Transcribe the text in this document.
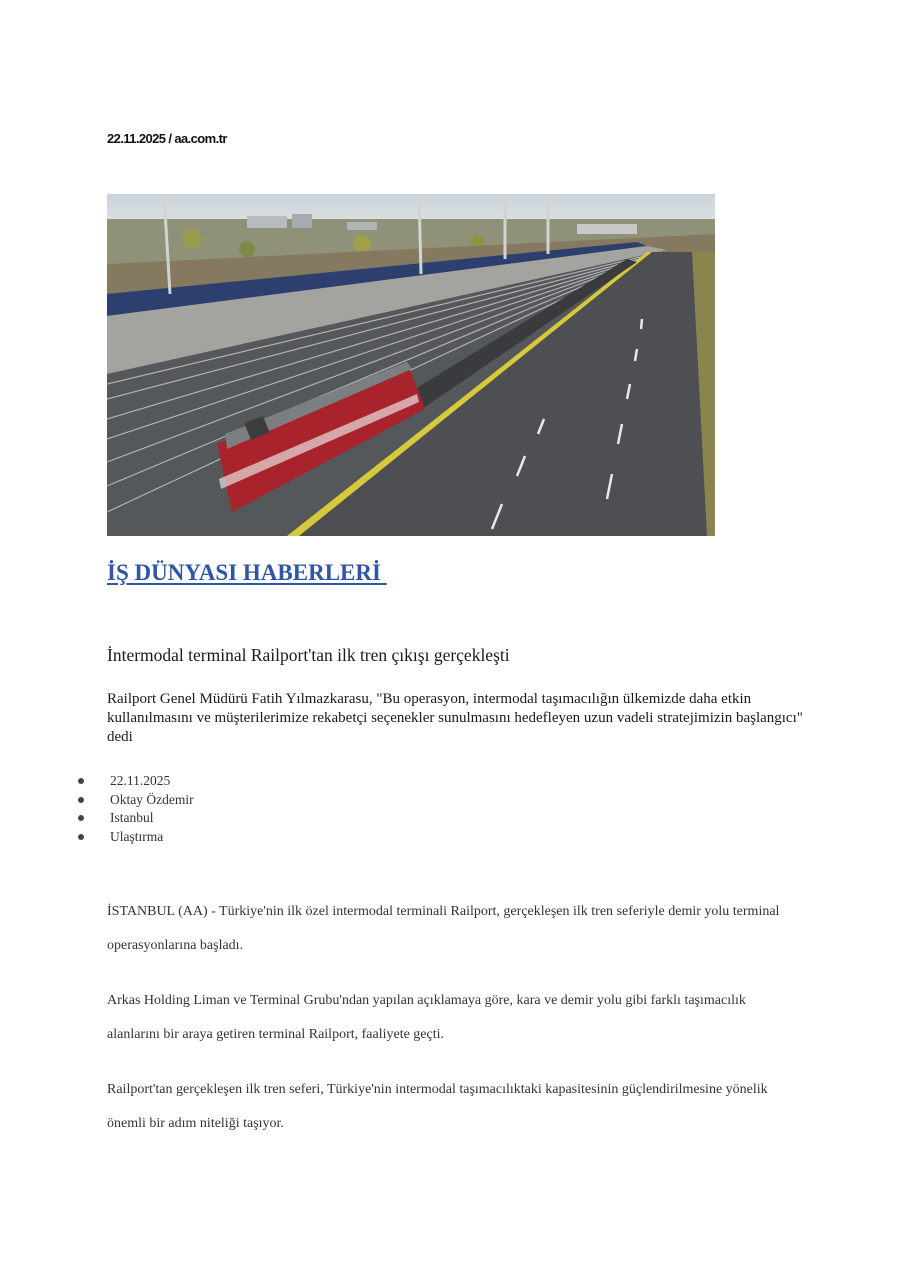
22.11.2025 / aa.com.tr
İŞ DÜNYASI HABERLERİ
İntermodal terminal Railport'tan ilk tren çıkışı gerçekleşti
Railport Genel Müdürü Fatih Yılmazkarasu, "Bu operasyon, intermodal taşımacılığın ülkemizde daha etkin kullanılmasını ve müşterilerimize rekabetçi seçenekler sunulmasını hedefleyen uzun vadeli stratejimizin başlangıcı" dedi
22.11.2025
Oktay Özdemir
Istanbul
Ulaştırma
İSTANBUL (AA) - Türkiye'nin ilk özel intermodal terminali Railport, gerçekleşen ilk tren seferiyle demir yolu terminal operasyonlarına başladı.
Arkas Holding Liman ve Terminal Grubu'ndan yapılan açıklamaya göre, kara ve demir yolu gibi farklı taşımacılık alanlarını bir araya getiren terminal Railport, faaliyete geçti.
Railport'tan gerçekleşen ilk tren seferi, Türkiye'nin intermodal taşımacılıktaki kapasitesinin güçlendirilmesine yönelik önemli bir adım niteliği taşıyor.
